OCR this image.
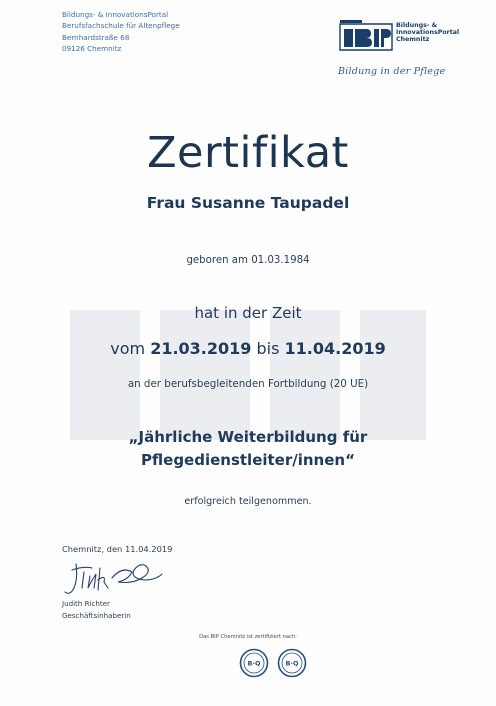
Bildungs- & InnovationsPortal
Berufsfachschule für Altenpflege
Bernhardstraße 68
09126 Chemnitz
Bildungs- &
InnovationsPortal
Chemnitz
Bildung in der Pflege
Zertifikat
Frau Susanne Taupadel
geboren am 01.03.1984
hat in der Zeit
vom 21.03.2019 bis 11.04.2019
an der berufsbegleitenden Fortbildung (20 UE)
„Jährliche Weiterbildung für
Pflegedienstleiter/innen“
erfolgreich teilgenommen.
Chemnitz, den 11.04.2019
Judith Richter
Geschäftsinhaberin
Das BIP Chemnitz ist zertifiziert nach:
B·Q	B·Q
